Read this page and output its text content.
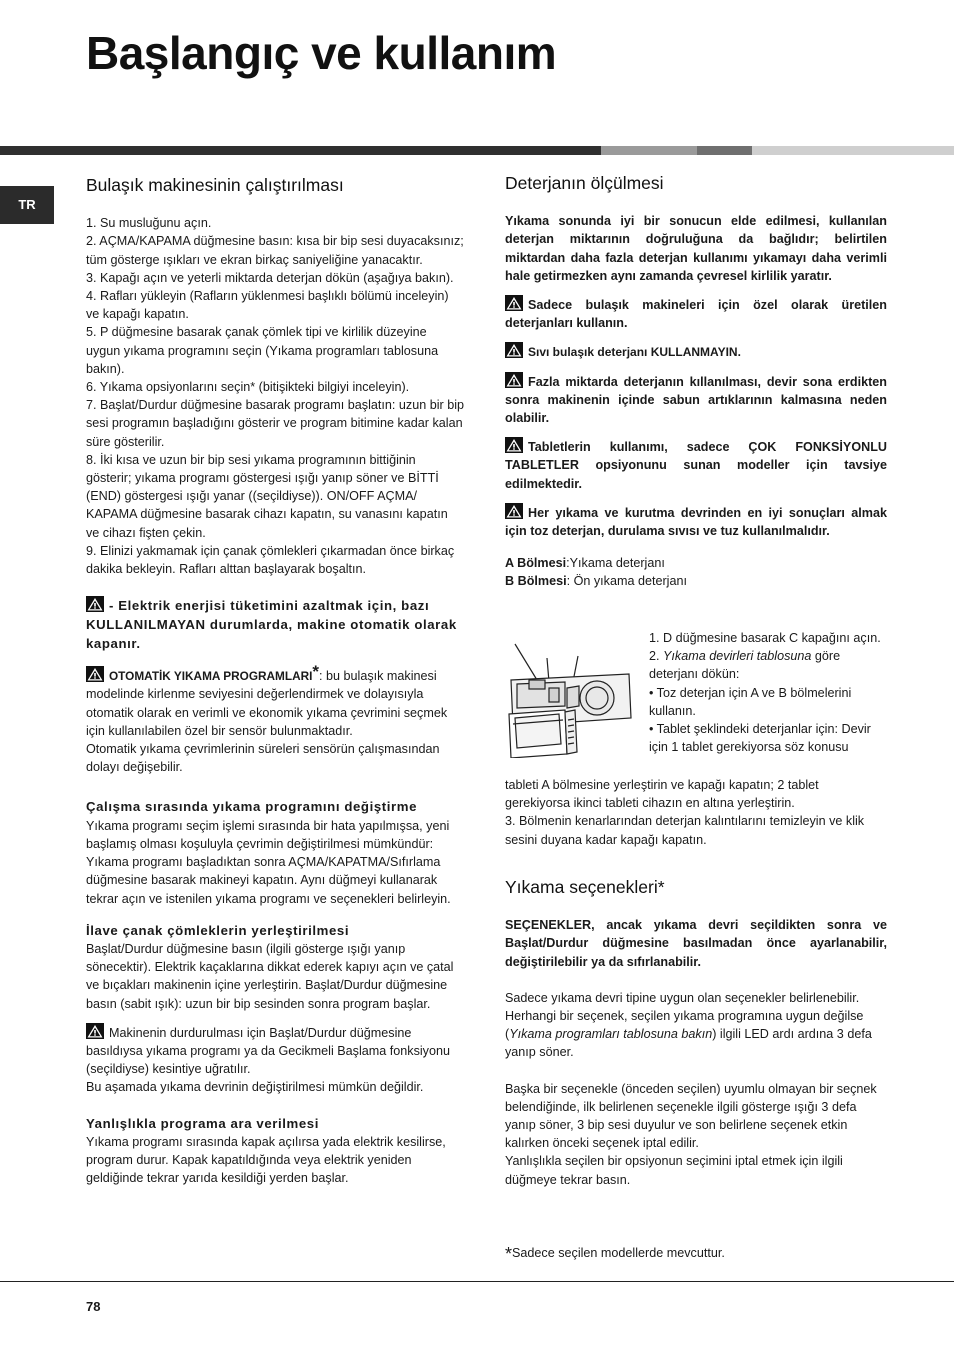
Başlangıç ve kullanım
TR
Bulaşık makinesinin çalıştırılması

1. Su musluğunu açın.

2. AÇMA/KAPAMA düğmesine basın: kısa bir bip sesi duyacaksınız; tüm gösterge ışıkları ve ekran birkaç saniyeliğine yanacaktır.

3. Kapağı açın ve yeterli miktarda deterjan dökün (aşağıya bakın).

4. Rafları yükleyin (Rafların yüklenmesi başlıklı bölümü inceleyin) ve kapağı kapatın.

5. P düğmesine basarak çanak çömlek tipi ve kirlilik düzeyine uygun yıkama programını seçin (Yıkama programları tablosuna bakın).

6. Yıkama opsiyonlarını seçin* (bitişikteki bilgiyi inceleyin).

7. Başlat/Durdur düğmesine basarak programı başlatın: uzun bir bip sesi programın başladığını gösterir ve program bitimine kadar kalan süre gösterilir.

8. İki kısa ve uzun bir bip sesi yıkama programının bittiğinin gösterir; yıkama programı göstergesi ışığı yanıp söner ve BİTTİ (END) göstergesi ışığı yanar ((seçildiyse)). ON/OFF AÇMA/ KAPAMA düğmesine basarak cihazı kapatın, su vanasını kapatın ve cihazı fişten çekin.

9. Elinizi yakmamak için çanak çömlekleri çıkarmadan önce birkaç dakika bekleyin. Rafları alttan başlayarak boşaltın.

- Elektrik enerjisi tüketimini azaltmak için, bazı KULLANILMAYAN durumlarda, makine otomatik olarak kapanır.

OTOMATİK YIKAMA PROGRAMLARI*: bu bulaşık makinesi modelinde kirlenme seviyesini değerlendirmek ve dolayısıyla otomatik olarak en verimli ve ekonomik yıkama çevrimini seçmek için kullanılabilen özel bir sensör bulunmaktadır.

Otomatik yıkama çevrimlerinin süreleri sensörün çalışmasından dolayı değişebilir.

Çalışma sırasında yıkama programını değiştirme

Yıkama programı seçim işlemi sırasında bir hata yapılmışsa, yeni başlamış olması koşuluyla çevrimin değiştirilmesi mümkündür: Yıkama programı başladıktan sonra AÇMA/KAPATMA/Sıfırlama düğmesine basarak makineyi kapatın. Aynı düğmeyi kullanarak tekrar açın ve istenilen yıkama programı ve seçenekleri belirleyin.

İlave çanak çömleklerin yerleştirilmesi

Başlat/Durdur düğmesine basın (ilgili gösterge ışığı yanıp sönecektir). Elektrik kaçaklarına dikkat ederek kapıyı açın ve çatal ve bıçakları makinenin içine yerleştirin. Başlat/Durdur düğmesine basın (sabit ışık): uzun bir bip sesinden sonra program başlar.

Makinenin durdurulması için Başlat/Durdur düğmesine basıldıysa yıkama programı ya da Gecikmeli Başlama fonksiyonu (seçildiyse) kesintiye uğratılır.

Bu aşamada yıkama devrinin değiştirilmesi mümkün değildir.

Yanlışlıkla programa ara verilmesi

Yıkama programı sırasında kapak açılırsa yada elektrik kesilirse, program durur. Kapak kapatıldığında veya elektrik yeniden geldiğinde tekrar yarıda kesildiği yerden başlar.

Deterjanın ölçülmesi

Yıkama sonunda iyi bir sonucun elde edilmesi, kullanılan deterjan miktarının doğruluğuna da bağlıdır; belirtilen miktardan daha fazla deterjan kullanımı yıkamayı daha verimli hale getirmezken aynı zamanda çevresel kirlilik yaratır.

Sadece bulaşık makineleri için özel olarak üretilen deterjanları kullanın.

Sıvı bulaşık deterjanı KULLANMAYIN.

Fazla miktarda deterjanın kıllanılması, devir sona erdikten sonra makinenin içinde sabun artıklarının kalmasına neden olabilir.

Tabletlerin kullanımı, sadece ÇOK FONKSİYONLU TABLETLER opsiyonunu sunan modeller için tavsiye edilmektedir.

Her yıkama ve kurutma devrinden en iyi sonuçları almak için toz deterjan, durulama sıvısı ve tuz kullanılmalıdır.

A Bölmesi:Yıkama deterjanı

B Bölmesi: Ön yıkama deterjanı

1. D düğmesine basarak C kapağını açın.

2. Yıkama devirleri tablosuna göre deterjanı dökün:

• Toz deterjan için A ve B bölmelerini kullanın.

• Tablet şeklindeki deterjanlar için: Devir için 1 tablet gerekiyorsa söz konusu

tableti A bölmesine yerleştirin ve kapağı kapatın; 2 tablet gerekiyorsa ikinci tableti cihazın en altına yerleştirin.

3. Bölmenin kenarlarından deterjan kalıntılarını temizleyin ve klik sesini duyana kadar kapağı kapatın.

Yıkama seçenekleri*

SEÇENEKLER, ancak yıkama devri seçildikten sonra ve Başlat/Durdur düğmesine basılmadan önce ayarlanabilir, değiştirilebilir ya da sıfırlanabilir.

Sadece yıkama devri tipine uygun olan seçenekler belirlenebilir. Herhangi bir seçenek, seçilen yıkama programına uygun değilse (Yıkama programları tablosuna bakın) ilgili LED ardı ardına 3 defa yanıp söner.

Başka bir seçenekle (önceden seçilen) uyumlu olmayan bir seçnek belendiğinde, ilk belirlenen seçenekle ilgili gösterge ışığı 3 defa yanıp söner, 3 bip sesi duyulur ve son belirlene seçenek etkin kalırken önceki seçenek iptal edilir.

Yanlışlıkla seçilen bir opsiyonun seçimini iptal etmek için ilgili düğmeye tekrar basın.

*Sadece seçilen modellerde mevcuttur.
78
